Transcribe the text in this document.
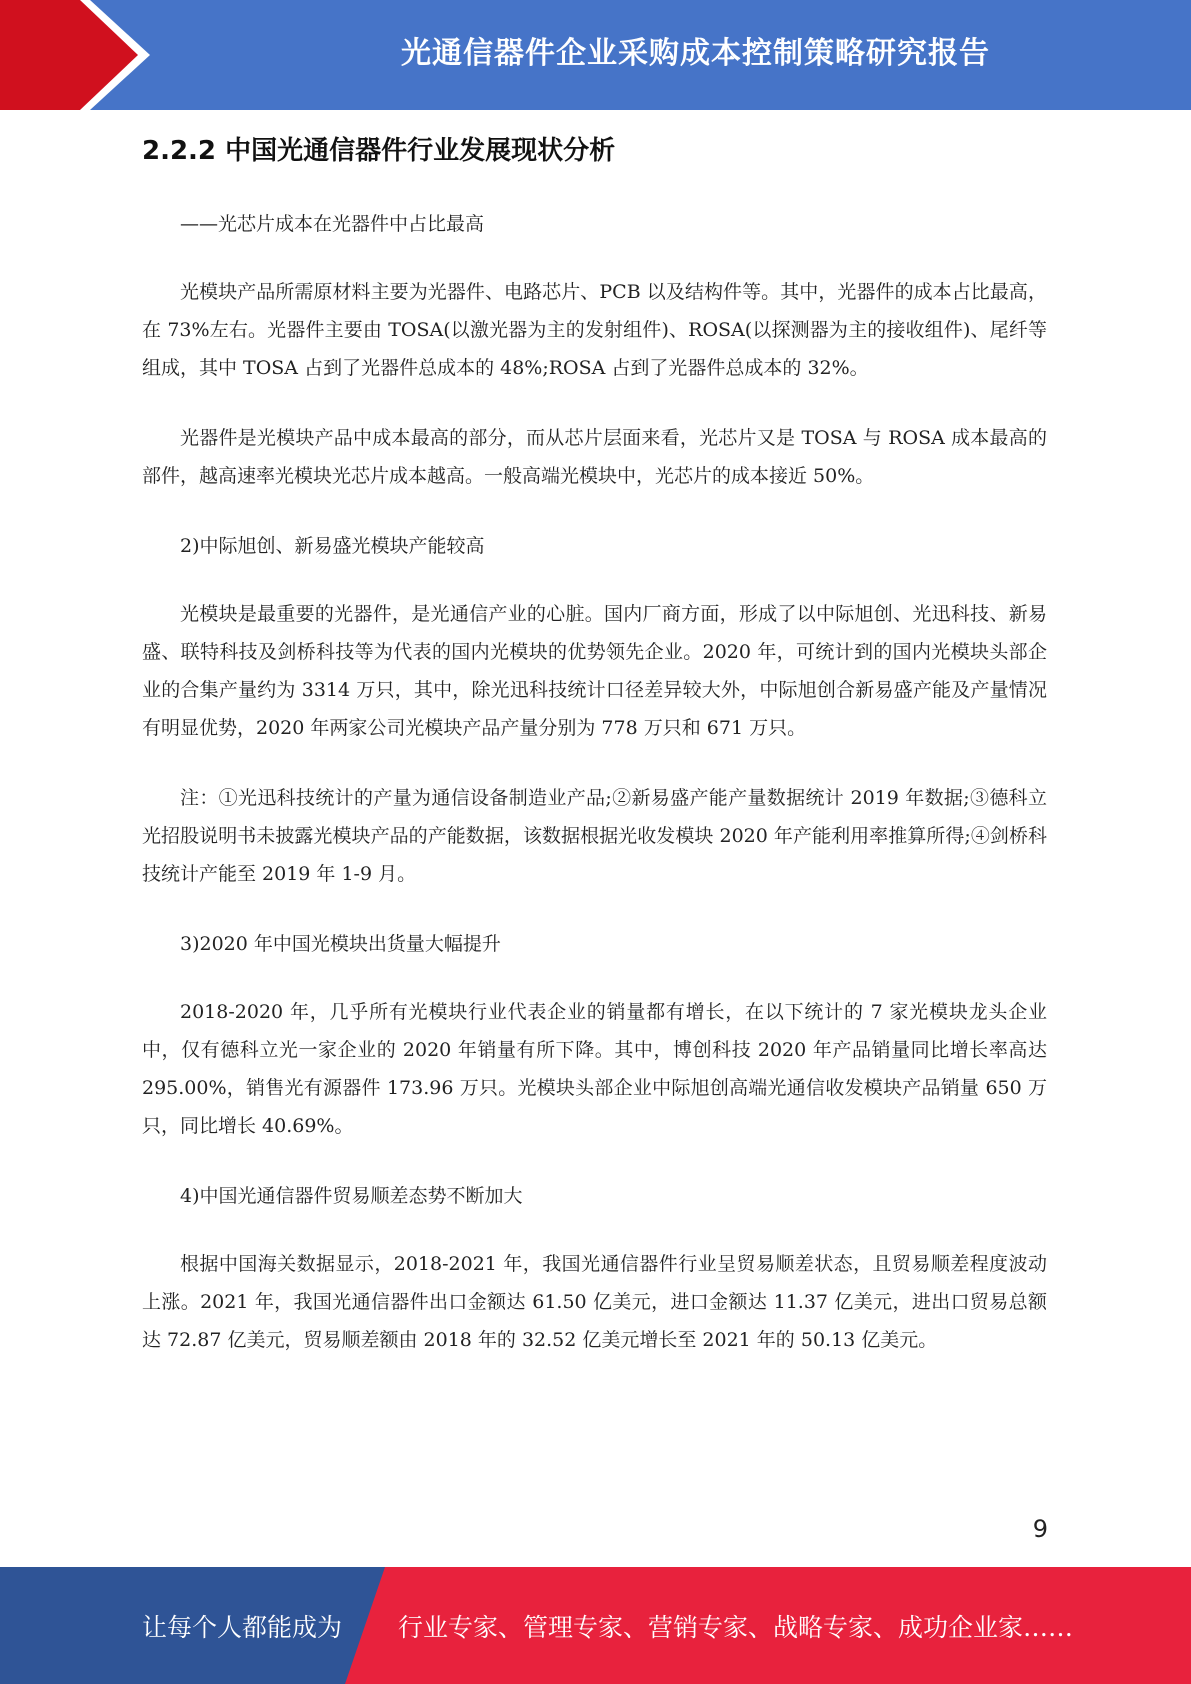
光通信器件企业采购成本控制策略研究报告
2.2.2 中国光通信器件行业发展现状分析

——光芯片成本在光器件中占比最高

光模块产品所需原材料主要为光器件、电路芯片、PCB 以及结构件等。其中，光器件的成本占比最高，在 73%左右。光器件主要由 TOSA(以激光器为主的发射组件)、ROSA(以探测器为主的接收组件)、尾纤等组成，其中 TOSA 占到了光器件总成本的 48%;ROSA 占到了光器件总成本的 32%。

光器件是光模块产品中成本最高的部分，而从芯片层面来看，光芯片又是 TOSA 与 ROSA 成本最高的部件，越高速率光模块光芯片成本越高。一般高端光模块中，光芯片的成本接近 50%。

2)中际旭创、新易盛光模块产能较高

光模块是最重要的光器件，是光通信产业的心脏。国内厂商方面，形成了以中际旭创、光迅科技、新易盛、联特科技及剑桥科技等为代表的国内光模块的优势领先企业。2020 年，可统计到的国内光模块头部企业的合集产量约为 3314 万只，其中，除光迅科技统计口径差异较大外，中际旭创合新易盛产能及产量情况有明显优势，2020 年两家公司光模块产品产量分别为 778 万只和 671 万只。

注：①光迅科技统计的产量为通信设备制造业产品;②新易盛产能产量数据统计 2019 年数据;③德科立光招股说明书未披露光模块产品的产能数据，该数据根据光收发模块 2020 年产能利用率推算所得;④剑桥科技统计产能至 2019 年 1-9 月。

3)2020 年中国光模块出货量大幅提升

2018-2020 年，几乎所有光模块行业代表企业的销量都有增长，在以下统计的 7 家光模块龙头企业中，仅有德科立光一家企业的 2020 年销量有所下降。其中，博创科技 2020 年产品销量同比增长率高达 295.00%，销售光有源器件 173.96 万只。光模块头部企业中际旭创高端光通信收发模块产品销量 650 万只，同比增长 40.69%。

4)中国光通信器件贸易顺差态势不断加大

根据中国海关数据显示，2018-2021 年，我国光通信器件行业呈贸易顺差状态，且贸易顺差程度波动上涨。2021 年，我国光通信器件出口金额达 61.50 亿美元，进口金额达 11.37 亿美元，进出口贸易总额达 72.87 亿美元，贸易顺差额由 2018 年的 32.52 亿美元增长至 2021 年的 50.13 亿美元。

9
让每个人都能成为 行业专家、管理专家、营销专家、战略专家、成功企业家……
